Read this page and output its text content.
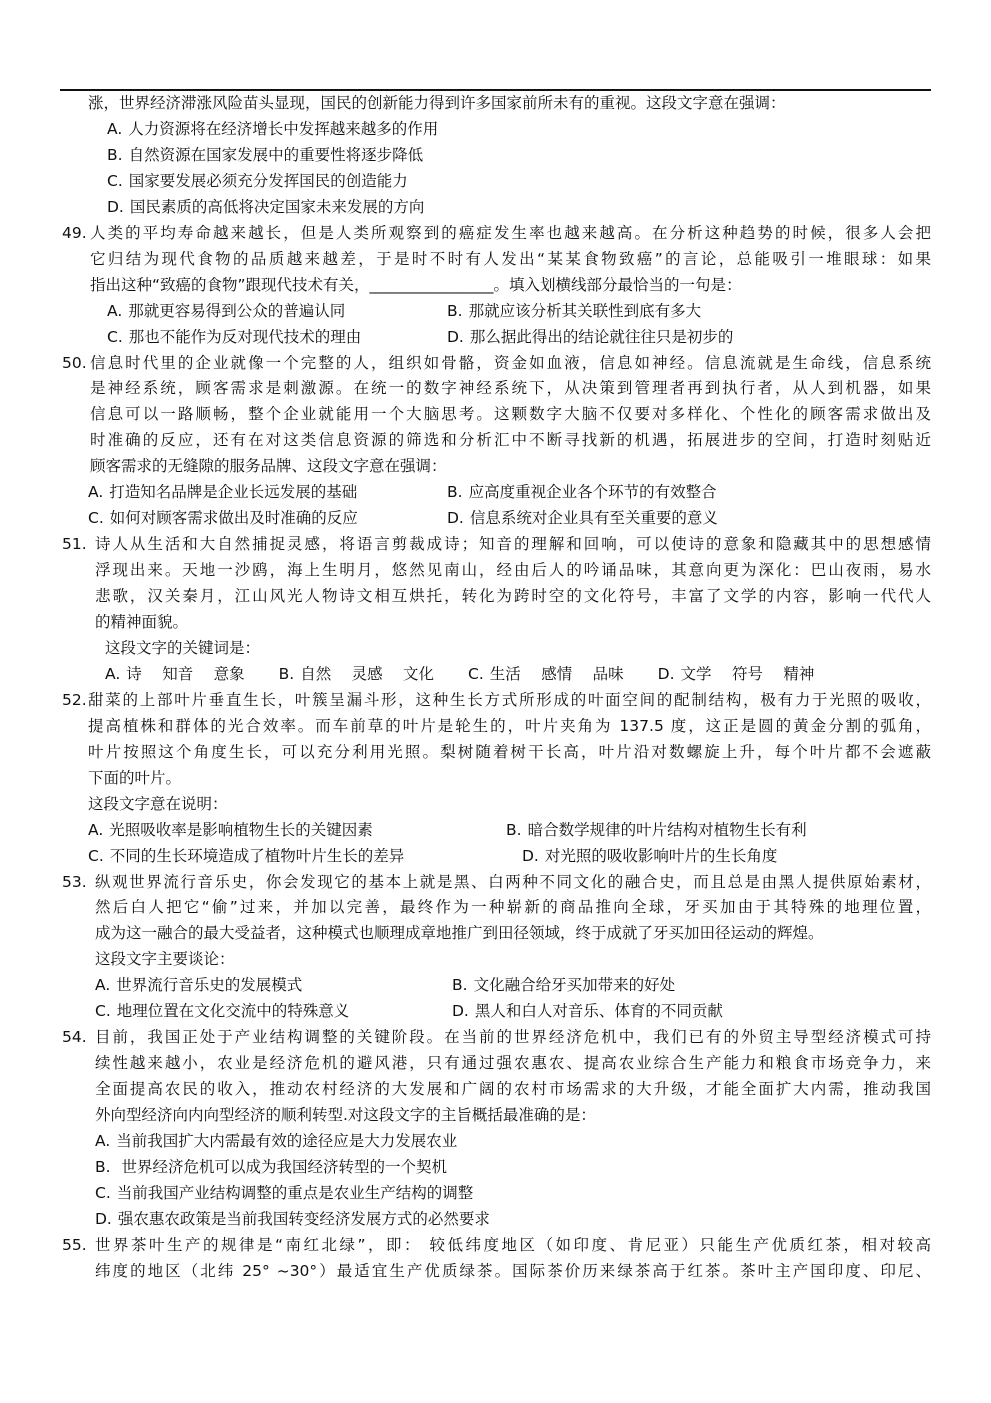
涨，世界经济滞涨风险苗头显现，国民的创新能力得到许多国家前所未有的重视。这段文字意在强调：
A. 人力资源将在经济增长中发挥越来越多的作用
B. 自然资源在国家发展中的重要性将逐步降低
C. 国家要发展必须充分发挥国民的创造能力
D. 国民素质的高低将决定国家未来发展的方向
49. 人类的平均寿命越来越长，但是人类所观察到的癌症发生率也越来越高。在分析这种趋势的时候，很多人会把
它归结为现代食物的品质越来越差，于是时不时有人发出“某某食物致癌”的言论，总能吸引一堆眼球：如果
指出这种“致癌的食物”跟现代技术有关，________________。填入划横线部分最恰当的一句是：
A. 那就更容易得到公众的普遍认同	B. 那就应该分析其关联性到底有多大
C. 那也不能作为反对现代技术的理由	D. 那么据此得出的结论就往往只是初步的
50. 信息时代里的企业就像一个完整的人，组织如骨骼，资金如血液，信息如神经。信息流就是生命线，信息系统
是神经系统，顾客需求是刺激源。在统一的数字神经系统下，从决策到管理者再到执行者，从人到机器，如果
信息可以一路顺畅，整个企业就能用一个大脑思考。这颗数字大脑不仅要对多样化、个性化的顾客需求做出及
时准确的反应，还有在对这类信息资源的筛选和分析汇中不断寻找新的机遇，拓展进步的空间，打造时刻贴近
顾客需求的无缝隙的服务品牌、这段文字意在强调：
A. 打造知名品牌是企业长远发展的基础	B. 应高度重视企业各个环节的有效整合
C. 如何对顾客需求做出及时准确的反应	D. 信息系统对企业具有至关重要的意义
51. 诗人从生活和大自然捕捉灵感，将语言剪裁成诗；知音的理解和回响，可以使诗的意象和隐藏其中的思想感情
浮现出来。天地一沙鸥，海上生明月，悠然见南山，经由后人的吟诵品味，其意向更为深化：巴山夜雨，易水
悲歌，汉关秦月，江山风光人物诗文相互烘托，转化为跨时空的文化符号，丰富了文学的内容，影响一代代人
的精神面貌。
这段文字的关键词是：
A. 诗　 知音　 意象 B. 自然　 灵感　 文化 C. 生活　 感情　 品味 D. 文学　 符号　 精神
52. 甜菜的上部叶片垂直生长，叶簇呈漏斗形，这种生长方式所形成的叶面空间的配制结构，极有力于光照的吸收，
提高植株和群体的光合效率。而车前草的叶片是轮生的，叶片夹角为 137.5 度，这正是圆的黄金分割的弧角，
叶片按照这个角度生长，可以充分利用光照。梨树随着树干长高，叶片沿对数螺旋上升，每个叶片都不会遮蔽
下面的叶片。
这段文字意在说明：
A. 光照吸收率是影响植物生长的关键因素	B. 暗合数学规律的叶片结构对植物生长有利
C. 不同的生长环境造成了植物叶片生长的差异	D. 对光照的吸收影响叶片的生长角度
53. 纵观世界流行音乐史，你会发现它的基本上就是黑、白两种不同文化的融合史，而且总是由黑人提供原始素材，
然后白人把它“偷”过来，并加以完善，最终作为一种崭新的商品推向全球，牙买加由于其特殊的地理位置，
成为这一融合的最大受益者，这种模式也顺理成章地推广到田径领域，终于成就了牙买加田径运动的辉煌。
这段文字主要谈论：
A. 世界流行音乐史的发展模式	B. 文化融合给牙买加带来的好处
C. 地理位置在文化交流中的特殊意义	D. 黑人和白人对音乐、体育的不同贡献
54. 目前，我国正处于产业结构调整的关键阶段。在当前的世界经济危机中，我们已有的外贸主导型经济模式可持
续性越来越小，农业是经济危机的避风港，只有通过强农惠农、提高农业综合生产能力和粮食市场竞争力，来
全面提高农民的收入，推动农村经济的大发展和广阔的农村市场需求的大升级，才能全面扩大内需，推动我国
外向型经济向内向型经济的顺利转型.对这段文字的主旨概括最准确的是：
A. 当前我国扩大内需最有效的途径应是大力发展农业
B. 世界经济危机可以成为我国经济转型的一个契机
C. 当前我国产业结构调整的重点是农业生产结构的调整
D. 强农惠农政策是当前我国转变经济发展方式的必然要求
55. 世界茶叶生产的规律是“南红北绿”，即： 较低纬度地区（如印度、肯尼亚）只能生产优质红茶，相对较高
纬度的地区（北纬 25° ~30°）最适宜生产优质绿茶。国际茶价历来绿茶高于红茶。茶叶主产国印度、印尼、
